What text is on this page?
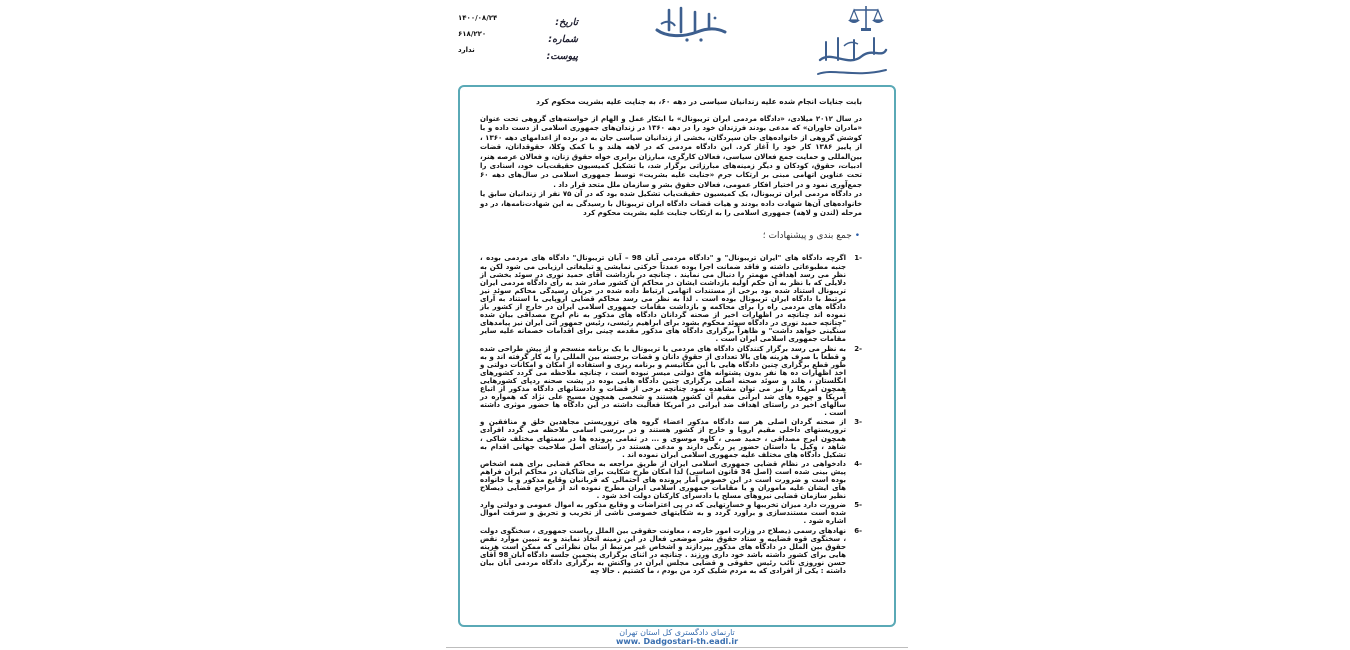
۱۴۰۰/۰۸/۲۴
۶۱۸/۲۲۰
ندارد
تاریخ:
شماره:
پیوست:
بابت جنایات انجام شده علیه زندانیان سیاسی در دهه ۶۰، به جنایت علیه بشریت محکوم کرد

در سال ۲۰۱۲ میلادی، «دادگاه مردمی ایران تریبونال» با ابتکار عمل و الهام از خواسته‌های گروهی تحت عنوان «مادران خاوران» که مدعی بودند فرزندان خود را در دهه ۱۳۶۰ در زندان‌های جمهوری اسلامی از دست داده و با کوشش گروهی از خانواده‌های جان سپردگان، بخشی از زندانیان سیاسی جان به در برده از اعدامهای دهه ۱۳۶۰ ، از پاییز ۱۳۸۶ کار خود را آغاز کرد. این دادگاه مردمی که در لاهه هلند و با کمک وکلا، حقوقدانان، قضات بین‌المللی و حمایت جمع فعالان سیاسی، فعالان کارگری، مبارزان برابری خواه حقوق زنان، و فعالان عرصه هنر، ادبیات، حقوق، کودکان و دیگر زمینه‌های مبارزاتی برگزار شد، با تشکیل کمیسیون حقیقت‌یاب خود، اسنادی را تحت عناوین اتهامی مبنی بر ارتکاب جرم «جنایت علیه بشریت» توسط جمهوری اسلامی در سال‌های دهه ۶۰ جمع‌آوری نمود و در اختیار افکار عمومی، فعالان حقوق بشر و سازمان ملل متحد قرار داد .

در دادگاه مردمی ایران تریبونال، یک کمیسیون حقیقت‌یاب تشکیل شده بود که در آن ۷۵ نفر از زندانیان سابق یا خانواده‌های آن‌ها شهادت داده بودند و هیات قضات دادگاه ایران تریبونال با رسیدگی به این شهادت‌نامه‌ها، در دو مرحله (لندن و لاهه) جمهوری اسلامی را به ارتکاب جنایت علیه بشریت محکوم کرد

• جمع بندی و پیشنهادات ؛
-1
اگرچه دادگاه های "ایران تریبونال" و "دادگاه مردمی آبان 98 – آبان تریبونال" دادگاه های مردمی بوده ، جنبه مطبوعاتی داشته و فاقد ضمانت اجرا بوده عمدتاً حرکتی نمایشی و تبلیغاتی ارزیابی می شود لکن به نظر می رسد اهدافی مهمتر را دنبال می نمایند . چنانچه در بازداشت آقای حمید نوری در سوئد بخشی از دلایلی که با نظر به آن حکم اولیه بازداشت ایشان در محاکم آن کشور صادر شد به رای دادگاه مردمی ایران تریبونال استناد شده بود برخی از مستندات اتهامی ارتباط داده شده در جریان رسیدگی محاکم سوئد نیز مرتبط با دادگاه ایران تریبونال بوده است . لذا به نظر می رسد محاکم قضایی اروپایی با استناد به آرای دادگاه های مردمی راه را برای محاکمه و بازداشت مقامات جمهوری اسلامی ایران در خارج از کشور باز نموده اند چنانچه در اظهارات اخیر از صحنه گردانان دادگاه های مذکور به نام ایرج مصداقی بیان شده "چنانچه حمید نوری در دادگاه سوئد محکوم بشود برای ابراهیم رئیسی، رئیس جمهور آتی ایران نیز پیامدهای سنگینی خواهد داشت" و ظاهراً برگزاری دادگاه های مذکور مقدمه چینی برای اقدامات خصمانه علیه سایر مقامات جمهوری اسلامی ایران است .
-2
به نظر می رسد برگزار کنندگان دادگاه های مردمی یا تریبونال با یک برنامه منسجم و از پیش طراحی شده و قطعاً با صرف هزینه های بالا تعدادی از حقوق دانان و قضات برجسته بین المللی را به کار گرفته اند و به طور قطع برگزاری چنین دادگاه هایی با این مکانیسم و برنامه ریزی و استفاده از امکان و امکانات دولتی و اخذ اظهارات ده ها نفر بدون پشتوانه های دولتی میسر نبوده است ، چنانچه ملاحظه می گردد کشورهای انگلستان ، هلند و سوئد صحنه اصلی برگزاری چنین دادگاه هایی بوده در پشت صحنه ردپای کشورهایی همچون آمریکا را نیز می توان مشاهده نمود چنانچه برخی از قضات و دادستانهای دادگاه مذکور از اتباع آمریکا و چهره های شد ایرانی مقیم آن کشور هستند و شخصی همچون مسیح علی نژاد که همواره در سالهای اخیر در راستای اهداف ضد ایرانی در آمریکا فعالیت داشته در این دادگاه ها حضور موثری داشته است .
-3
از صحنه گردان اصلی هر سه دادگاه مذکور اعضاء گروه های تروریستی مجاهدین خلق و منافقین و تروریستهای داخلی مقیم اروپا و خارج از کشور هستند و در بررسی اسامی ملاحظه می گردد افرادی همچون ایرج مصداقی ، حمید صبی ، کاوه موسوی و ... در تمامی پرونده ها در سمتهای مختلف شاکی ، شاهد ، وکیل یا داستان حضور پر رنگی دارند و مدعی هستند در راستای اصل صلاحیت جهانی اقدام به تشکیل دادگاه های مختلف علیه جمهوری اسلامی ایران نموده اند .
-4
دادخواهی در نظام قضایی جمهوری اسلامی ایران از طریق مراجعه به محاکم قضایی برای همه اشخاص پیش بینی شده است (اصل 34 قانون اساسی) لذا امکان طرح شکایت برای شاکیان در محاکم ایران فراهم بوده است و ضرورت است در این خصوص آمار پرونده های احتمالی که قربانیان وقایع مذکور و یا خانواده های ایشان علیه ماموران و یا مقامات جمهوری اسلامی ایران مطرح نموده اند از مراجع قضایی ذیصلاح نظیر سازمان قضایی نیروهای مسلح یا دادسرای کارکنان دولت اخذ شود .
-5
ضرورت دارد میزان تخریبها و خسارتهایی که در پی اعتراضات و وقایع مذکور به اموال عمومی و دولتی وارد شده است مستندسازی و برآورد گردد و به شکایتهای خصوصی ناشی از تخریب و تحریق و سرقت اموال اشاره شود .
-6
نهادهای رسمی ذیصلاح در وزارت امور خارجه ، معاونت حقوقی بین الملل ریاست جمهوری ، سخنگوی دولت ، سخنگوی قوه قضاییه و ستاد حقوق بشر موضعی فعال در این زمینه اتخاذ نمایند و به تبیین موارد نقض حقوق بین الملل در دادگاه های مذکور بپردازند و اشخاص غیر مرتبط از بیان نظراتی که ممکن است هزینه هایی برای کشور داشته باشد خود داری ورزند . چنانچه در اثنای برگزاری پنجمین جلسه دادگاه آبان 98 آقای حسن نوروزی نائب رئیس حقوقی و قضایی مجلس ایران در واکنش به برگزاری دادگاه مردمی آبان بیان داشته : یکی از افرادی که به مردم شلیک کرد من بودم ، ما کشتیم . حالا چه
تارنمای دادگستری کل استان تهران
www. Dadgostari-th.eadl.ir
